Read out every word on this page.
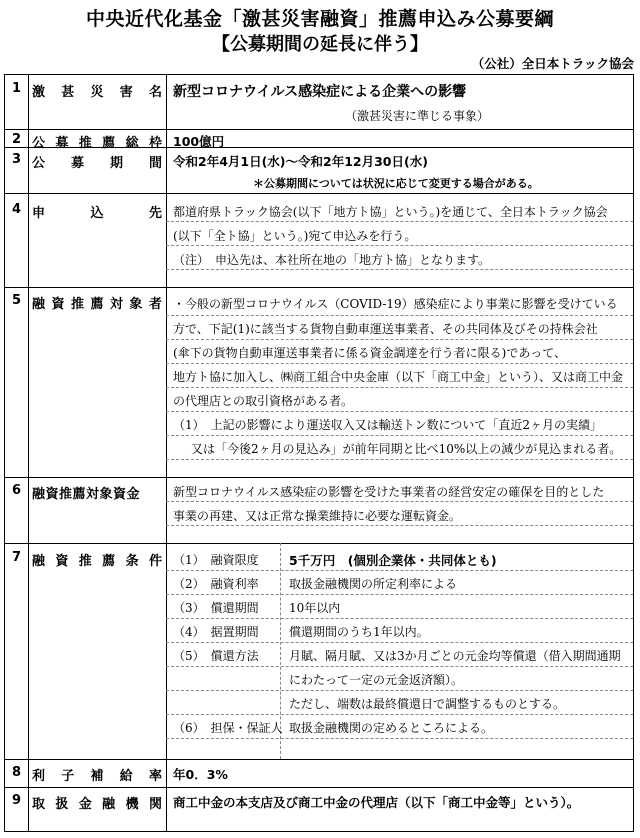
中央近代化基金「激甚災害融資」推薦申込み公募要綱
【公募期間の延長に伴う】
（公社）全日本トラック協会
1 激 甚 災 害 名 新型コロナウイルス感染症による企業への影響
（激甚災害に準じる事象）
2 公 募 推 薦 総 枠 100億円
3 公 募 期 間 令和2年4月1日(水)～令和2年12月30日(水)
＊公募期間については状況に応じて変更する場合がある。
4 申	込	先 都道府県トラック協会(以下「地方ト協」という。)を通じて、全日本トラック協会
(以下「全ト協」という。)宛て申込みを行う。
（注）　申込先は、本社所在地の「地方ト協」となります。
5 融 資 推 薦 対 象 者 ・今般の新型コロナウイルス（COVID-19）感染症により事業に影響を受けている
方で、下記(1)に該当する貨物自動車運送事業者、その共同体及びその持株会社
(傘下の貨物自動車運送事業者に係る資金調達を行う者に限る)であって、
地方ト協に加入し、㈱商工組合中央金庫（以下「商工中金」という）、又は商工中金
の代理店との取引資格がある者。
（1）　上記の影響により運送収入又は輸送トン数について「直近2ヶ月の実績」
又は「今後2ヶ月の見込み」が前年同期と比べ10%以上の減少が見込まれる者。
6 融資推薦対象資金	新型コロナウイルス感染症の影響を受けた事業者の経営安定の確保を目的とした
事業の再建、又は正常な操業維持に必要な運転資金。
7 融 資 推 薦 条 件 （1）　融資限度 5千万円　(個別企業体・共同体とも)
（2）　融資利率	取扱金融機関の所定利率による
（3）　償還期間	10年以内
（4）　据置期間	償還期間のうち1年以内。
（5）　償還方法	月賦、隔月賦、又は3か月ごとの元金均等償還（借入期間通期
にわたって一定の元金返済額）。
ただし、端数は最終償還日で調整するものとする。
（6）　担保・保証人 取扱金融機関の定めるところによる。
8 利 子 補 給 率 年0．3%
9 取 扱 金 融 機 関 商工中金の本支店及び商工中金の代理店（以下「商工中金等」という）。
